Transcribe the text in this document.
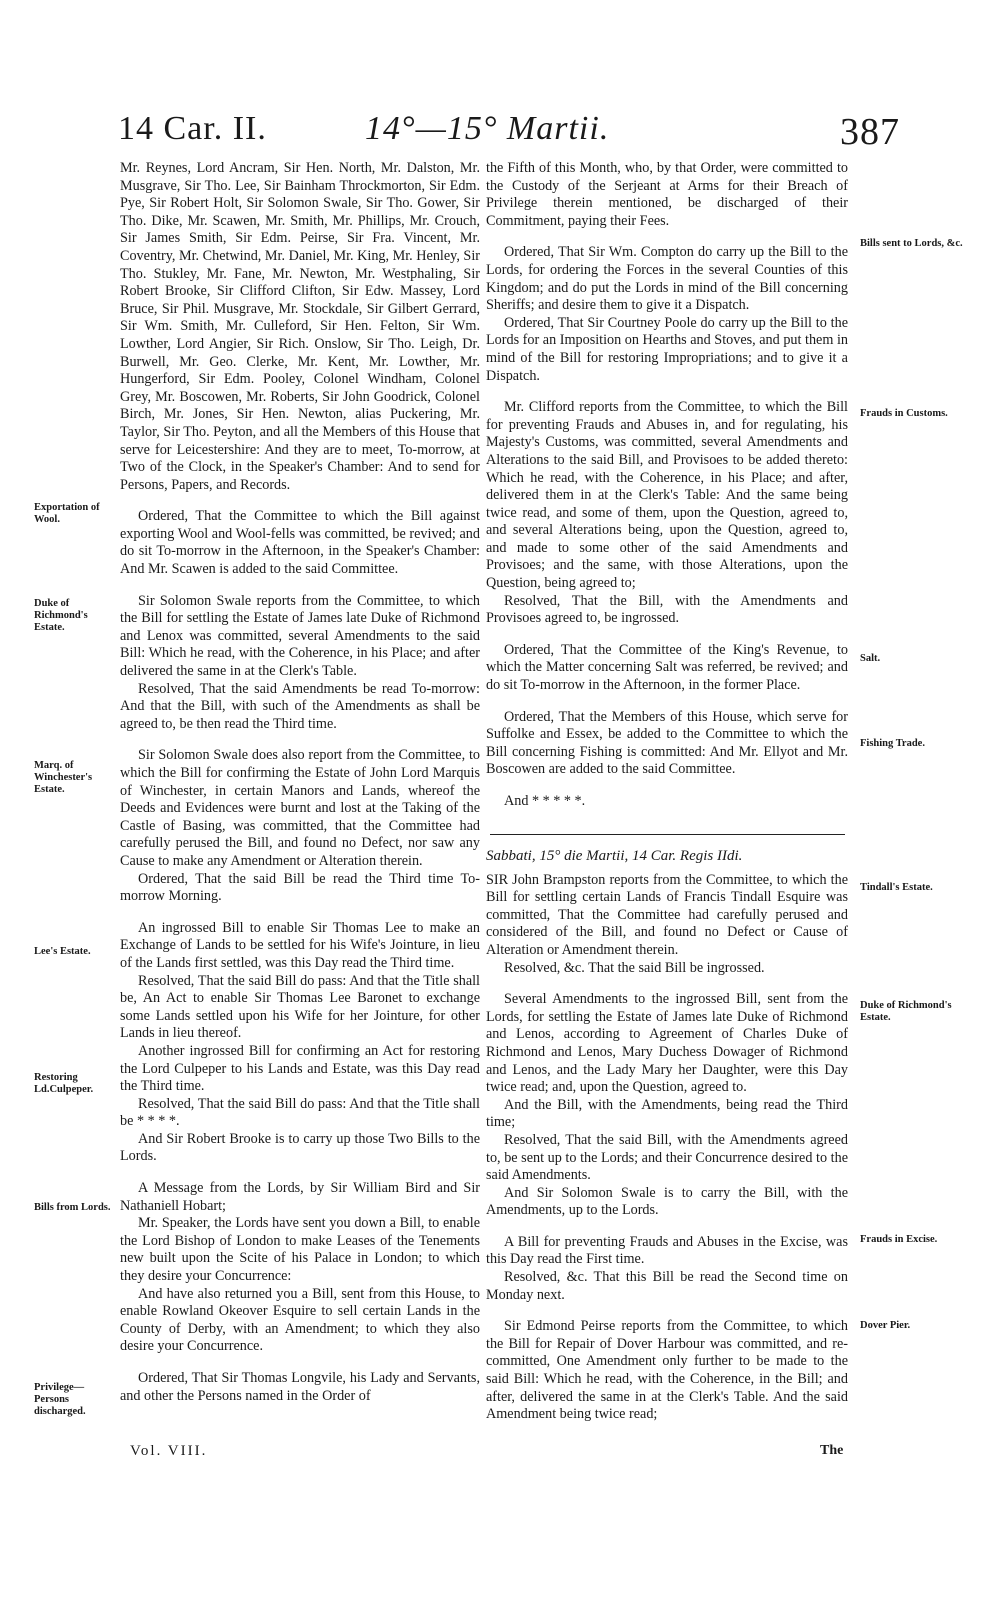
14 Car. II.	14°—15° Martii.	387
Exportation of Wool.
Duke of Richmond's Estate.
Marq. of Winchester's Estate.
Lee's Estate.
Restoring Ld.Culpeper.
Bills from Lords.
Privilege—Persons discharged.

Mr. Reynes, Lord Ancram, Sir Hen. North, Mr. Dalston, Mr. Musgrave, Sir Tho. Lee, Sir Bainham Throckmorton, Sir Edm. Pye, Sir Robert Holt, Sir Solomon Swale, Sir Tho. Gower, Sir Tho. Dike, Mr. Scawen, Mr. Smith, Mr. Phillips, Mr. Crouch, Sir James Smith, Sir Edm. Peirse, Sir Fra. Vincent, Mr. Coventry, Mr. Chetwind, Mr. Daniel, Mr. King, Mr. Henley, Sir Tho. Stukley, Mr. Fane, Mr. Newton, Mr. Westphaling, Sir Robert Brooke, Sir Clifford Clifton, Sir Edw. Massey, Lord Bruce, Sir Phil. Musgrave, Mr. Stockdale, Sir Gilbert Gerrard, Sir Wm. Smith, Mr. Culleford, Sir Hen. Felton, Sir Wm. Lowther, Lord Angier, Sir Rich. Onslow, Sir Tho. Leigh, Dr. Burwell, Mr. Geo. Clerke, Mr. Kent, Mr. Lowther, Mr. Hungerford, Sir Edm. Pooley, Colonel Windham, Colonel Grey, Mr. Boscowen, Mr. Roberts, Sir John Goodrick, Colonel Birch, Mr. Jones, Sir Hen. Newton, alias Puckering, Mr. Taylor, Sir Tho. Peyton, and all the Members of this House that serve for Leicestershire: And they are to meet, To-morrow, at Two of the Clock, in the Speaker's Chamber: And to send for Persons, Papers, and Records.

Ordered, That the Committee to which the Bill against exporting Wool and Wool-fells was committed, be revived; and do sit To-morrow in the Afternoon, in the Speaker's Chamber: And Mr. Scawen is added to the said Committee.

Sir Solomon Swale reports from the Committee, to which the Bill for settling the Estate of James late Duke of Richmond and Lenox was committed, several Amendments to the said Bill: Which he read, with the Coherence, in his Place; and after delivered the same in at the Clerk's Table.

Resolved, That the said Amendments be read To-morrow: And that the Bill, with such of the Amendments as shall be agreed to, be then read the Third time.

Sir Solomon Swale does also report from the Committee, to which the Bill for confirming the Estate of John Lord Marquis of Winchester, in certain Manors and Lands, whereof the Deeds and Evidences were burnt and lost at the Taking of the Castle of Basing, was committed, that the Committee had carefully perused the Bill, and found no Defect, nor saw any Cause to make any Amendment or Alteration therein.

Ordered, That the said Bill be read the Third time To-morrow Morning.

An ingrossed Bill to enable Sir Thomas Lee to make an Exchange of Lands to be settled for his Wife's Jointure, in lieu of the Lands first settled, was this Day read the Third time.

Resolved, That the said Bill do pass: And that the Title shall be, An Act to enable Sir Thomas Lee Baronet to exchange some Lands settled upon his Wife for her Jointure, for other Lands in lieu thereof.

Another ingrossed Bill for confirming an Act for restoring the Lord Culpeper to his Lands and Estate, was this Day read the Third time.

Resolved, That the said Bill do pass: And that the Title shall be * * * *.

And Sir Robert Brooke is to carry up those Two Bills to the Lords.

A Message from the Lords, by Sir William Bird and Sir Nathaniell Hobart;

Mr. Speaker, the Lords have sent you down a Bill, to enable the Lord Bishop of London to make Leases of the Tenements new built upon the Scite of his Palace in London; to which they desire your Concurrence:

And have also returned you a Bill, sent from this House, to enable Rowland Okeover Esquire to sell certain Lands in the County of Derby, with an Amendment; to which they also desire your Concurrence.

Ordered, That Sir Thomas Longvile, his Lady and Servants, and other the Persons named in the Order of

Bills sent to Lords, &c.
Frauds in Customs.
Salt.
Fishing Trade.
Tindall's Estate.
Duke of Richmond's Estate.
Frauds in Excise.
Dover Pier.

the Fifth of this Month, who, by that Order, were committed to the Custody of the Serjeant at Arms for their Breach of Privilege therein mentioned, be discharged of their Commitment, paying their Fees.

Ordered, That Sir Wm. Compton do carry up the Bill to the Lords, for ordering the Forces in the several Counties of this Kingdom; and do put the Lords in mind of the Bill concerning Sheriffs; and desire them to give it a Dispatch.

Ordered, That Sir Courtney Poole do carry up the Bill to the Lords for an Imposition on Hearths and Stoves, and put them in mind of the Bill for restoring Impropriations; and to give it a Dispatch.

Mr. Clifford reports from the Committee, to which the Bill for preventing Frauds and Abuses in, and for regulating, his Majesty's Customs, was committed, several Amendments and Alterations to the said Bill, and Provisoes to be added thereto: Which he read, with the Coherence, in his Place; and after, delivered them in at the Clerk's Table: And the same being twice read, and some of them, upon the Question, agreed to, and several Alterations being, upon the Question, agreed to, and made to some other of the said Amendments and Provisoes; and the same, with those Alterations, upon the Question, being agreed to;

Resolved, That the Bill, with the Amendments and Provisoes agreed to, be ingrossed.

Ordered, That the Committee of the King's Revenue, to which the Matter concerning Salt was referred, be revived; and do sit To-morrow in the Afternoon, in the former Place.

Ordered, That the Members of this House, which serve for Suffolke and Essex, be added to the Committee to which the Bill concerning Fishing is committed: And Mr. Ellyot and Mr. Boscowen are added to the said Committee.

And * * * * *.

Sabbati, 15° die Martii, 14 Car. Regis IIdi.

SIR John Brampston reports from the Committee, to which the Bill for settling certain Lands of Francis Tindall Esquire was committed, That the Committee had carefully perused and considered of the Bill, and found no Defect or Cause of Alteration or Amendment therein.

Resolved, &c. That the said Bill be ingrossed.

Several Amendments to the ingrossed Bill, sent from the Lords, for settling the Estate of James late Duke of Richmond and Lenos, according to Agreement of Charles Duke of Richmond and Lenos, Mary Duchess Dowager of Richmond and Lenos, and the Lady Mary her Daughter, were this Day twice read; and, upon the Question, agreed to.

And the Bill, with the Amendments, being read the Third time;

Resolved, That the said Bill, with the Amendments agreed to, be sent up to the Lords; and their Concurrence desired to the said Amendments.

And Sir Solomon Swale is to carry the Bill, with the Amendments, up to the Lords.

A Bill for preventing Frauds and Abuses in the Excise, was this Day read the First time.

Resolved, &c. That this Bill be read the Second time on Monday next.

Sir Edmond Peirse reports from the Committee, to which the Bill for Repair of Dover Harbour was committed, and re-committed, One Amendment only further to be made to the said Bill: Which he read, with the Coherence, in the Bill; and after, delivered the same in at the Clerk's Table. And the said Amendment being twice read;

Vol. VIII.	The
